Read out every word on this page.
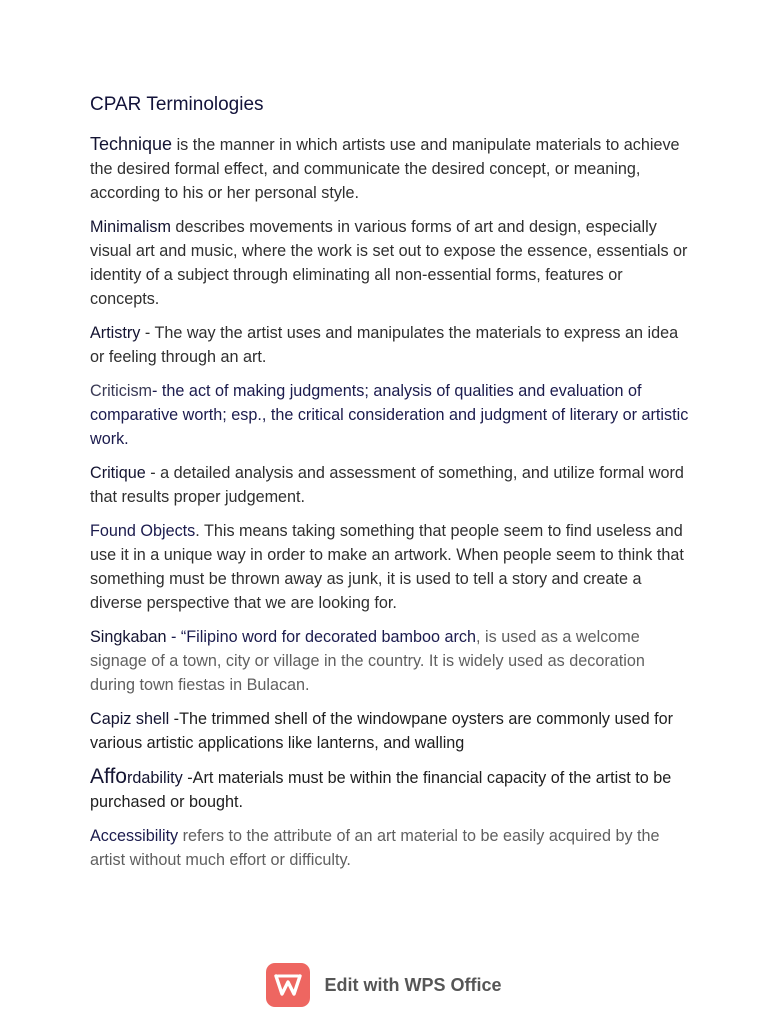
CPAR Terminologies

Technique is the manner in which artists use and manipulate materials to achieve the desired formal effect, and communicate the desired concept, or meaning, according to his or her personal style.

Minimalism describes movements in various forms of art and design, especially visual art and music, where the work is set out to expose the essence, essentials or identity of a subject through eliminating all non-essential forms, features or concepts.

Artistry - The way the artist uses and manipulates the materials to express an idea or feeling through an art.

Criticism- the act of making judgments; analysis of qualities and evaluation of comparative worth; esp., the critical consideration and judgment of literary or artistic work.

Critique - a detailed analysis and assessment of something, and utilize formal word that results proper judgement.

Found Objects. This means taking something that people seem to find useless and use it in a unique way in order to make an artwork. When people seem to think that something must be thrown away as junk, it is used to tell a story and create a diverse perspective that we are looking for.

Singkaban - “Filipino word for decorated bamboo arch, is used as a welcome signage of a town, city or village in the country. It is widely used as decoration during town fiestas in Bulacan.

Capiz shell -The trimmed shell of the windowpane oysters are commonly used for various artistic applications like lanterns, and walling

Affordability -Art materials must be within the financial capacity of the artist to be purchased or bought.

Accessibility refers to the attribute of an art material to be easily acquired by the artist without much effort or difficulty.

Edit with WPS Office
